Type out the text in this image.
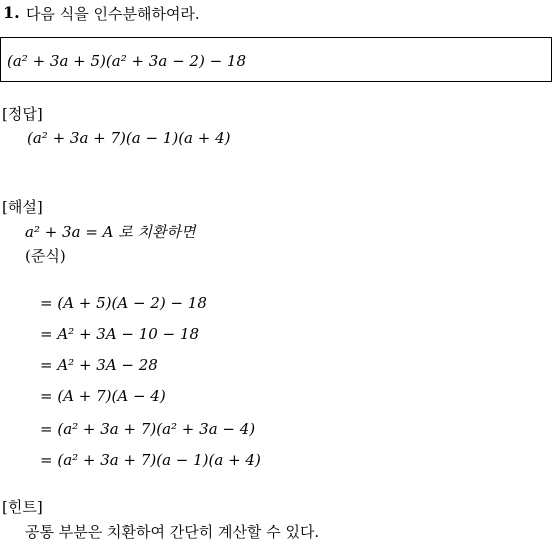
1. 다음 식을 인수분해하여라.
(a² + 3a + 5)(a² + 3a − 2) − 18
[정답]
(a² + 3a + 7)(a − 1)(a + 4)
[해설]
a² + 3a = A 로 치환하면
(준식)
= (A + 5)(A − 2) − 18
= A² + 3A − 10 − 18
= A² + 3A − 28
= (A + 7)(A − 4)
= (a² + 3a + 7)(a² + 3a − 4)
= (a² + 3a + 7)(a − 1)(a + 4)
[힌트]
공통 부분은 치환하여 간단히 계산할 수 있다.
